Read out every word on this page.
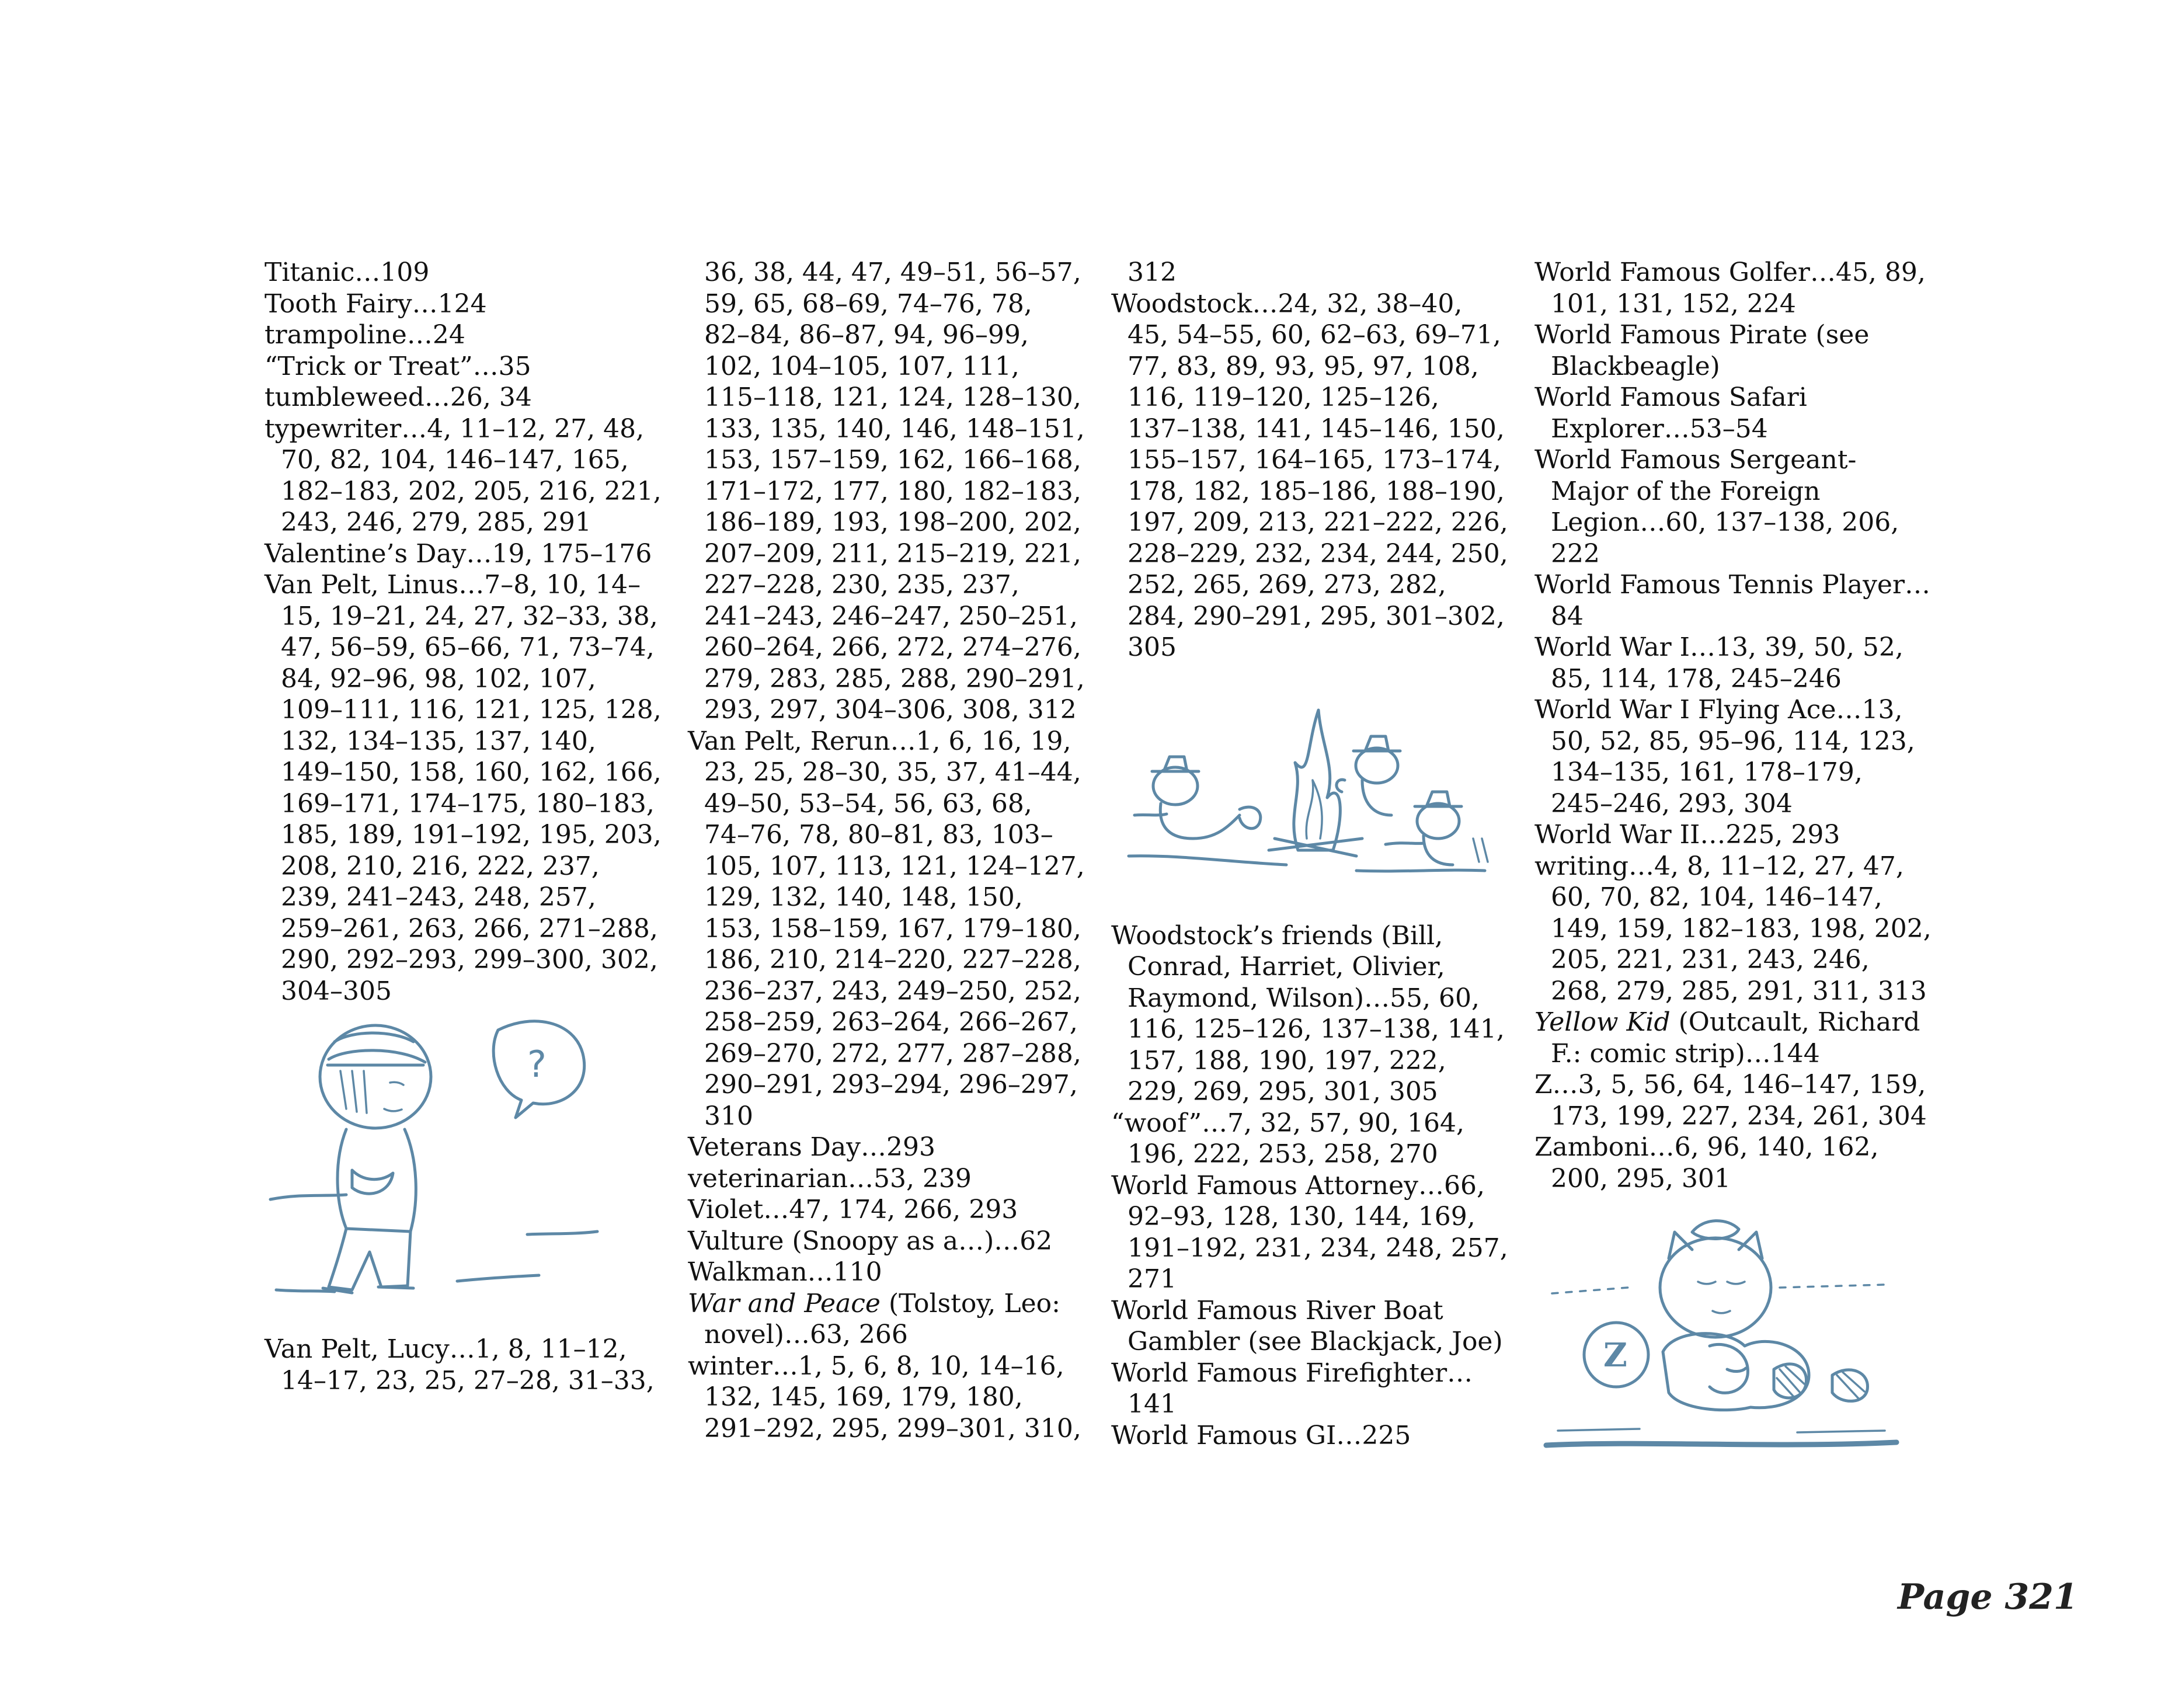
Titanic…109
Tooth Fairy…124
trampoline…24
“Trick or Treat”…35
tumbleweed…26, 34
typewriter…4, 11–12, 27, 48, 70, 82, 104, 146–147, 165, 182–183, 202, 205, 216, 221, 243, 246, 279, 285, 291
Valentine’s Day…19, 175–176
Van Pelt, Linus…7–8, 10, 14–15, 19–21, 24, 27, 32–33, 38, 47, 56–59, 65–66, 71, 73–74, 84, 92–96, 98, 102, 107, 109–111, 116, 121, 125, 128, 132, 134–135, 137, 140, 149–150, 158, 160, 162, 166, 169–171, 174–175, 180–183, 185, 189, 191–192, 195, 203, 208, 210, 216, 222, 237, 239, 241–243, 248, 257, 259–261, 263, 266, 271–288, 290, 292–293, 299–300, 302, 304–305
?
Van Pelt, Lucy…1, 8, 11–12, 14–17, 23, 25, 27–28, 31–33,
36, 38, 44, 47, 49–51, 56–57, 59, 65, 68–69, 74–76, 78, 82–84, 86–87, 94, 96–99, 102, 104–105, 107, 111, 115–118, 121, 124, 128–130, 133, 135, 140, 146, 148–151, 153, 157–159, 162, 166–168, 171–172, 177, 180, 182–183, 186–189, 193, 198–200, 202, 207–209, 211, 215–219, 221, 227–228, 230, 235, 237, 241–243, 246–247, 250–251, 260–264, 266, 272, 274–276, 279, 283, 285, 288, 290–291, 293, 297, 304–306, 308, 312
Van Pelt, Rerun…1, 6, 16, 19, 23, 25, 28–30, 35, 37, 41–44, 49–50, 53–54, 56, 63, 68, 74–76, 78, 80–81, 83, 103–105, 107, 113, 121, 124–127, 129, 132, 140, 148, 150, 153, 158–159, 167, 179–180, 186, 210, 214–220, 227–228, 236–237, 243, 249–250, 252, 258–259, 263–264, 266–267, 269–270, 272, 277, 287–288, 290–291, 293–294, 296–297, 310
Veterans Day…293
veterinarian…53, 239
Violet…47, 174, 266, 293
Vulture (Snoopy as a…)…62
Walkman…110
War and Peace (Tolstoy, Leo: novel)…63, 266
winter…1, 5, 6, 8, 10, 14–16, 132, 145, 169, 179, 180, 291–292, 295, 299–301, 310,
312
Woodstock…24, 32, 38–40, 45, 54–55, 60, 62–63, 69–71, 77, 83, 89, 93, 95, 97, 108, 116, 119–120, 125–126, 137–138, 141, 145–146, 150, 155–157, 164–165, 173–174, 178, 182, 185–186, 188–190, 197, 209, 213, 221–222, 226, 228–229, 232, 234, 244, 250, 252, 265, 269, 273, 282, 284, 290–291, 295, 301–302, 305
Woodstock’s friends (Bill, Conrad, Harriet, Olivier, Raymond, Wilson)…55, 60, 116, 125–126, 137–138, 141, 157, 188, 190, 197, 222, 229, 269, 295, 301, 305
“woof”…7, 32, 57, 90, 164, 196, 222, 253, 258, 270
World Famous Attorney…66, 92–93, 128, 130, 144, 169, 191–192, 231, 234, 248, 257, 271
World Famous River Boat Gambler (see Blackjack, Joe)
World Famous Firefighter…141
World Famous GI…225
World Famous Golfer…45, 89, 101, 131, 152, 224
World Famous Pirate (see Blackbeagle)
World Famous Safari Explorer…53–54
World Famous Sergeant-Major of the Foreign Legion…60, 137–138, 206, 222
World Famous Tennis Player…84
World War I…13, 39, 50, 52, 85, 114, 178, 245–246
World War I Flying Ace…13, 50, 52, 85, 95–96, 114, 123, 134–135, 161, 178–179, 245–246, 293, 304
World War II…225, 293
writing…4, 8, 11–12, 27, 47, 60, 70, 82, 104, 146–147, 149, 159, 182–183, 198, 202, 205, 221, 231, 243, 246, 268, 279, 285, 291, 311, 313
Yellow Kid (Outcault, Richard F.: comic strip)…144
Z…3, 5, 56, 64, 146–147, 159, 173, 199, 227, 234, 261, 304
Zamboni…6, 96, 140, 162, 200, 295, 301
Z
Page 321
